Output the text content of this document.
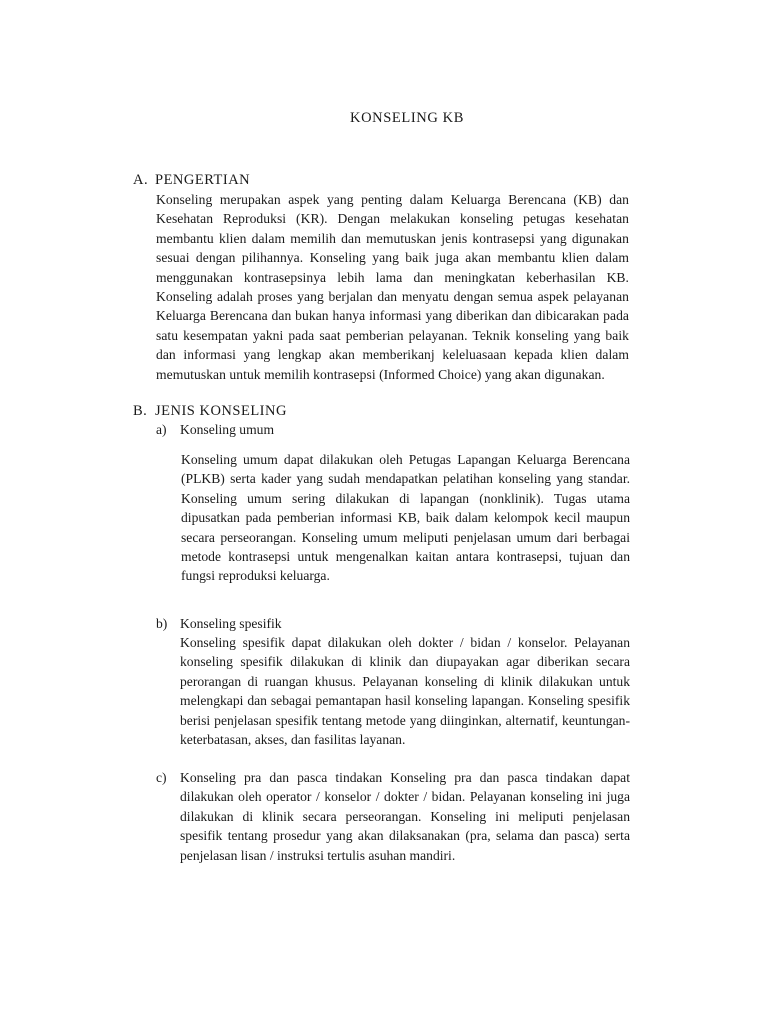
KONSELING KB
A. PENGERTIAN
Konseling merupakan aspek yang penting dalam Keluarga Berencana (KB) dan Kesehatan Reproduksi (KR). Dengan melakukan konseling petugas kesehatan membantu klien dalam memilih dan memutuskan jenis kontrasepsi yang digunakan sesuai dengan pilihannya. Konseling yang baik juga akan membantu klien dalam menggunakan kontrasepsinya lebih lama dan meningkatan keberhasilan KB. Konseling adalah proses yang berjalan dan menyatu dengan semua aspek pelayanan Keluarga Berencana dan bukan hanya informasi yang diberikan dan dibicarakan pada satu kesempatan yakni pada saat pemberian pelayanan. Teknik konseling yang baik dan informasi yang lengkap akan memberikanj keleluasaan kepada klien dalam memutuskan untuk memilih kontrasepsi (Informed Choice) yang akan digunakan.
B. JENIS KONSELING
a) Konseling umum
Konseling umum dapat dilakukan oleh Petugas Lapangan Keluarga Berencana (PLKB) serta kader yang sudah mendapatkan pelatihan konseling yang standar. Konseling umum sering dilakukan di lapangan (nonklinik). Tugas utama dipusatkan pada pemberian informasi KB, baik dalam kelompok kecil maupun secara perseorangan. Konseling umum meliputi penjelasan umum dari berbagai metode kontrasepsi untuk mengenalkan kaitan antara kontrasepsi, tujuan dan fungsi reproduksi keluarga.
b) Konseling spesifik
Konseling spesifik dapat dilakukan oleh dokter / bidan / konselor. Pelayanan konseling spesifik dilakukan di klinik dan diupayakan agar diberikan secara perorangan di ruangan khusus. Pelayanan konseling di klinik dilakukan untuk melengkapi dan sebagai pemantapan hasil konseling lapangan. Konseling spesifik berisi penjelasan spesifik tentang metode yang diinginkan, alternatif, keuntungan-keterbatasan, akses, dan fasilitas layanan.
c) Konseling pra dan pasca tindakan Konseling pra dan pasca tindakan dapat dilakukan oleh operator / konselor / dokter / bidan. Pelayanan konseling ini juga dilakukan di klinik secara perseorangan. Konseling ini meliputi penjelasan spesifik tentang prosedur yang akan dilaksanakan (pra, selama dan pasca) serta penjelasan lisan / instruksi tertulis asuhan mandiri.
